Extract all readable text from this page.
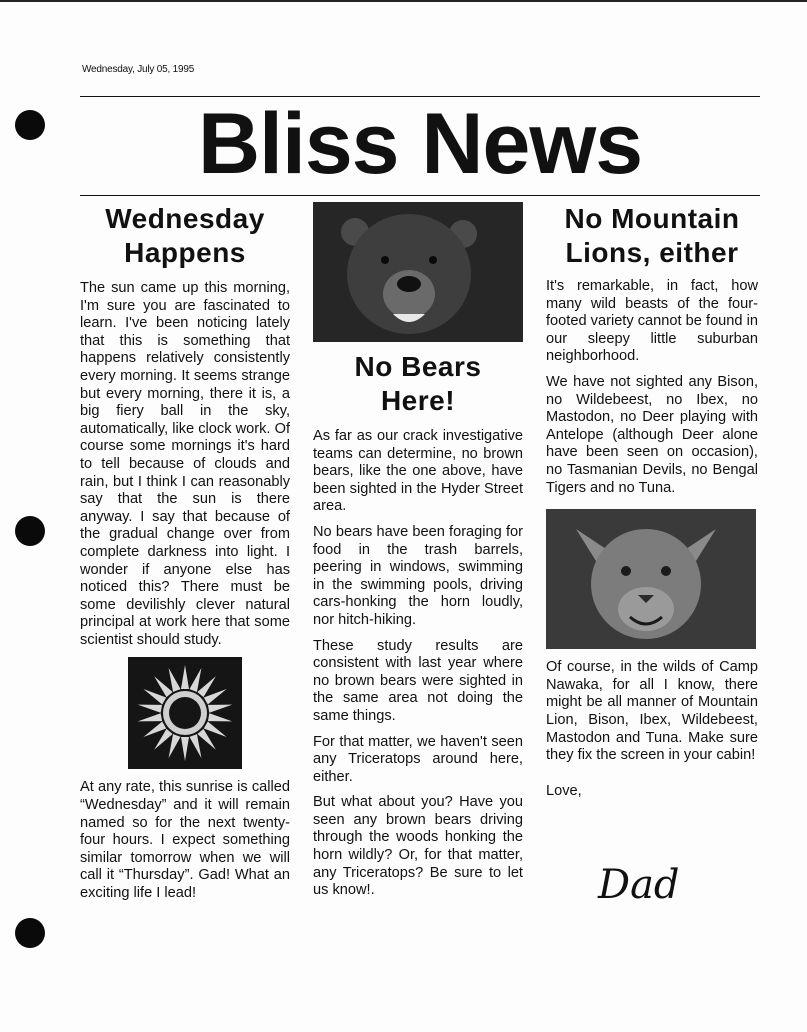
Wednesday, July 05, 1995
Bliss News
Wednesday Happens

The sun came up this morning, I'm sure you are fascinated to learn. I've been noticing lately that this is something that happens relatively consistently every morning. It seems strange but every morning, there it is, a big fiery ball in the sky, automatically, like clock work. Of course some mornings it's hard to tell because of clouds and rain, but I think I can reasonably say that the sun is there anyway. I say that because of the gradual change over from complete darkness into light. I wonder if anyone else has noticed this? There must be some devilishly clever natural principal at work here that some scientist should study.

At any rate, this sunrise is called “Wednesday” and it will remain named so for the next twenty-four hours. I expect something similar tomorrow when we will call it “Thursday”. Gad! What an exciting life I lead!

No Bears Here!

As far as our crack investigative teams can determine, no brown bears, like the one above, have been sighted in the Hyder Street area.

No bears have been foraging for food in the trash barrels, peering in windows, swimming in the swimming pools, driving cars-honking the horn loudly, nor hitch-hiking.

These study results are consistent with last year where no brown bears were sighted in the same area not doing the same things.

For that matter, we haven't seen any Triceratops around here, either.

But what about you? Have you seen any brown bears driving through the woods honking the horn wildly? Or, for that matter, any Triceratops? Be sure to let us know!.

No Mountain Lions, either

It's remarkable, in fact, how many wild beasts of the four-footed variety cannot be found in our sleepy little suburban neighborhood.

We have not sighted any Bison, no Wildebeest, no Ibex, no Mastodon, no Deer playing with Antelope (although Deer alone have been seen on occasion), no Tasmanian Devils, no Bengal Tigers and no Tuna.

Of course, in the wilds of Camp Nawaka, for all I know, there might be all manner of Mountain Lion, Bison, Ibex, Wildebeest, Mastodon and Tuna. Make sure they fix the screen in your cabin!

Love,

Dad
